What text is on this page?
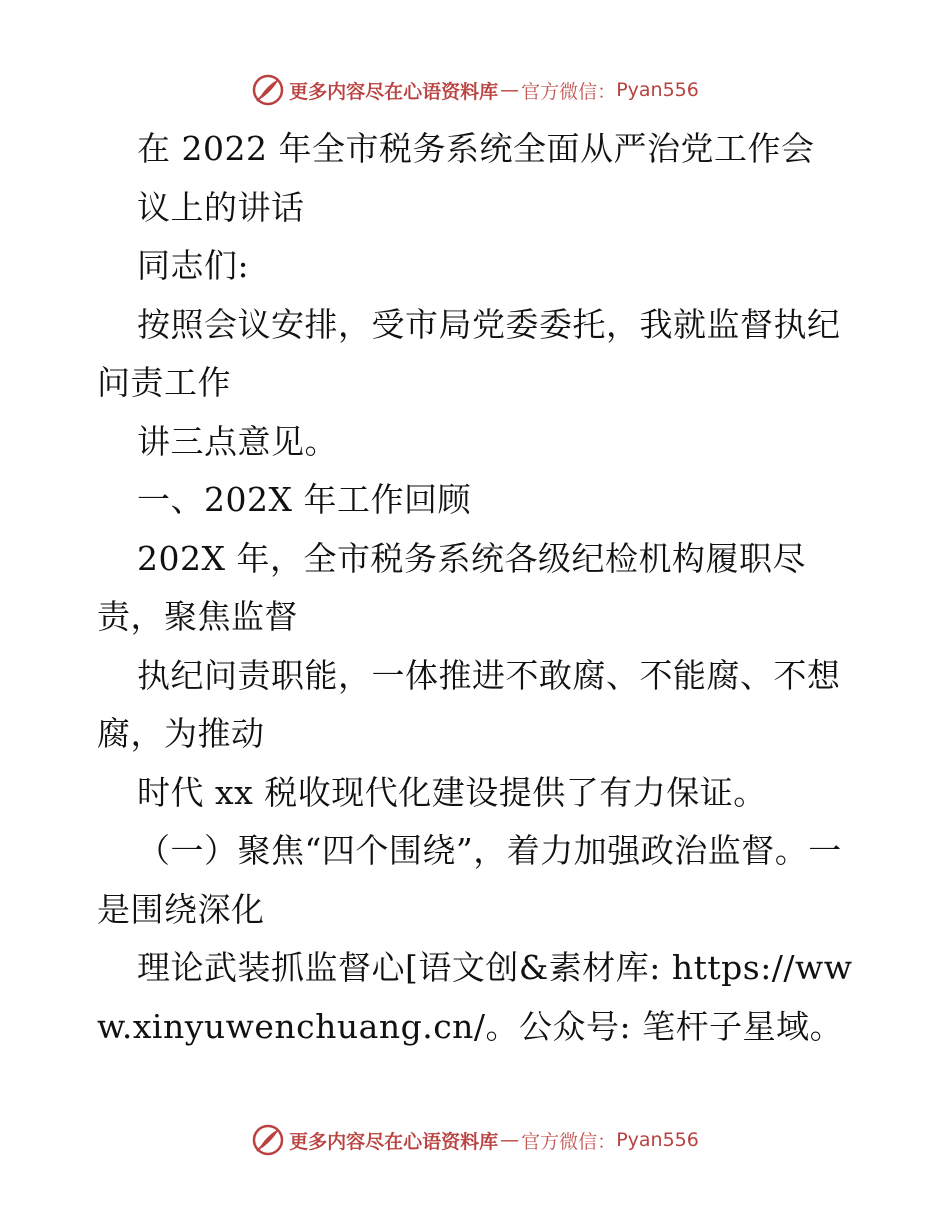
更多内容尽在心语资料库 — 官方微信： Pyan556

在 2022 年全市税务系统全面从严治党工作会

议上的讲话

同志们:

按照会议安排，受市局党委委托，我就监督执纪问责工作

讲三点意见。

一、202X 年工作回顾

202X 年，全市税务系统各级纪检机构履职尽责，聚焦监督

执纪问责职能，一体推进不敢腐、不能腐、不想腐，为推动

时代 xx 税收现代化建设提供了有力保证。

（一）聚焦“四个围绕”，着力加强政治监督。一是围绕深化

理论武装抓监督心[语文创&素材库: https://www.xinyuwenchuang.cn/。公众号: 笔杆子星域。

更多内容尽在心语资料库 — 官方微信： Pyan556
